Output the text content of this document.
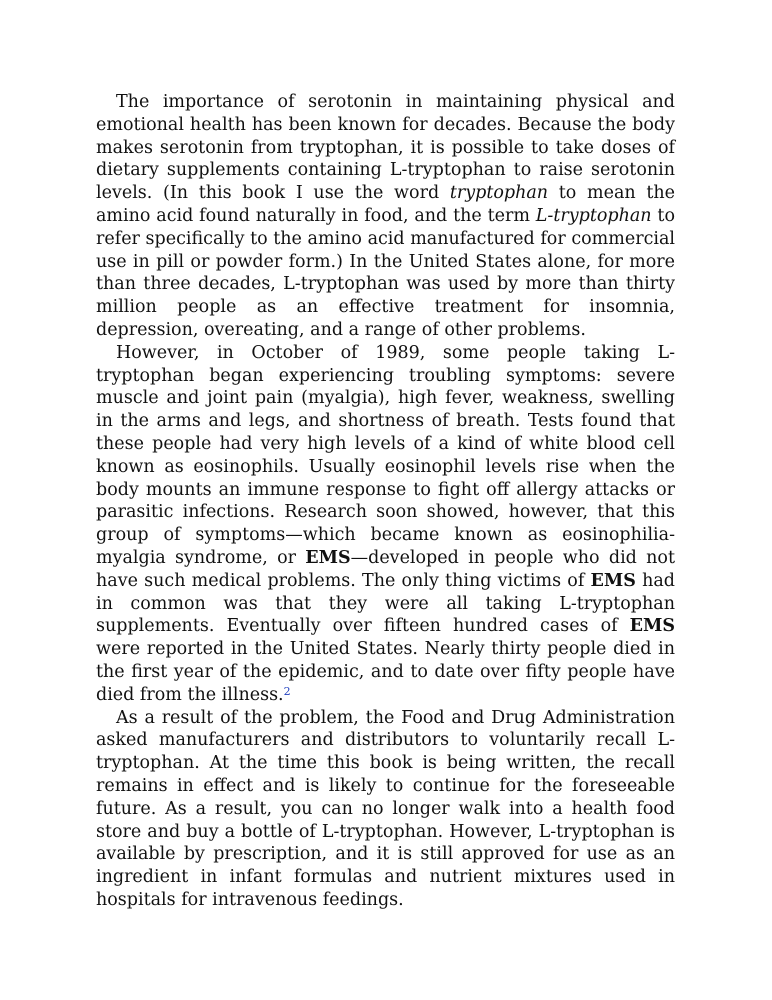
The importance of serotonin in maintaining physical and emotional health has been known for decades. Because the body makes serotonin from tryptophan, it is possible to take doses of dietary supplements containing L-tryptophan to raise serotonin levels. (In this book I use the word tryptophan to mean the amino acid found naturally in food, and the term L-tryptophan to refer specifically to the amino acid manufactured for commercial use in pill or powder form.) In the United States alone, for more than three decades, L-tryptophan was used by more than thirty million people as an effective treatment for insomnia, depression, overeating, and a range of other problems.

However, in October of 1989, some people taking L-tryptophan began experiencing troubling symptoms: severe muscle and joint pain (myalgia), high fever, weakness, swelling in the arms and legs, and shortness of breath. Tests found that these people had very high levels of a kind of white blood cell known as eosinophils. Usually eosinophil levels rise when the body mounts an immune response to fight off allergy attacks or parasitic infections. Research soon showed, however, that this group of symptoms—which became known as eosinophilia-myalgia syndrome, or EMS—developed in people who did not have such medical problems. The only thing victims of EMS had in common was that they were all taking L-tryptophan supplements. Eventually over fifteen hundred cases of EMS were reported in the United States. Nearly thirty people died in the first year of the epidemic, and to date over fifty people have died from the illness.$^2$

As a result of the problem, the Food and Drug Administration asked manufacturers and distributors to voluntarily recall L-tryptophan. At the time this book is being written, the recall remains in effect and is likely to continue for the foreseeable future. As a result, you can no longer walk into a health food store and buy a bottle of L-tryptophan. However, L-tryptophan is available by prescription, and it is still approved for use as an ingredient in infant formulas and nutrient mixtures used in hospitals for intravenous feedings.
